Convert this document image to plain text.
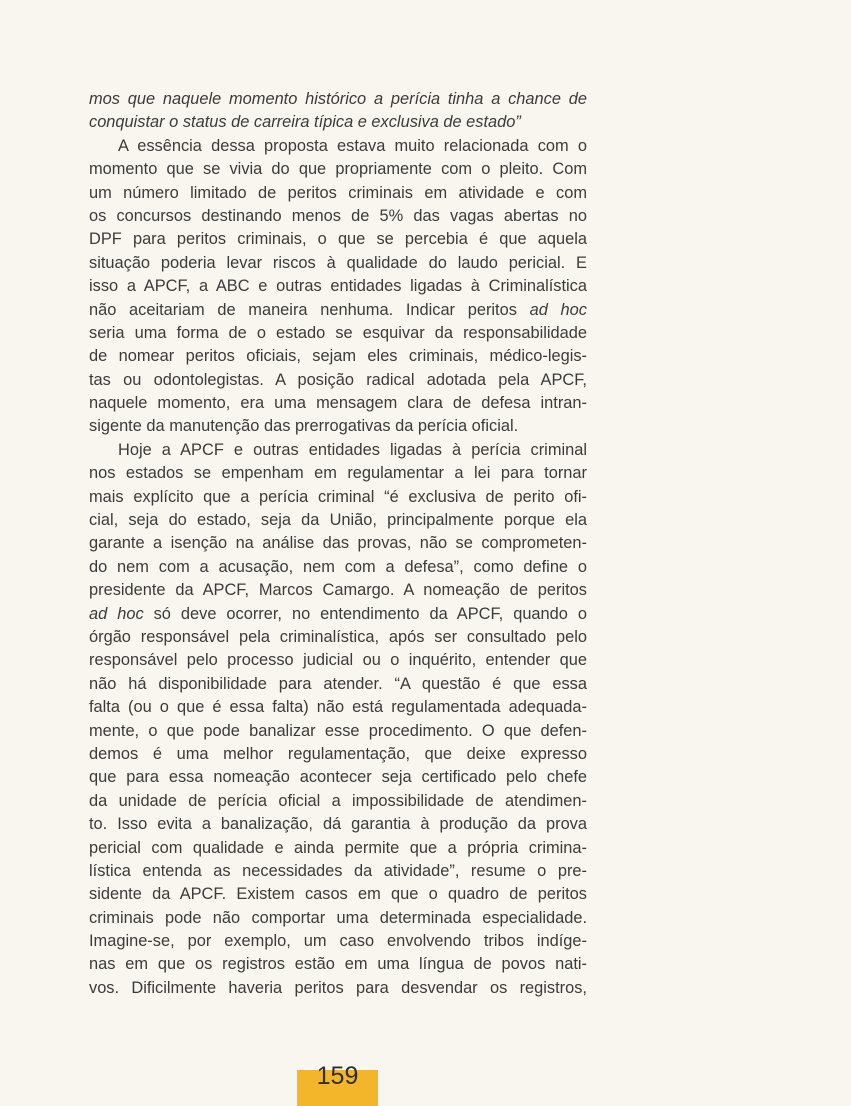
mos que naquele momento histórico a perícia tinha a chance de
conquistar o status de carreira típica e exclusiva de estado”
A essência dessa proposta estava muito relacionada com o
momento que se vivia do que propriamente com o pleito. Com
um número limitado de peritos criminais em atividade e com
os concursos destinando menos de 5% das vagas abertas no
DPF para peritos criminais, o que se percebia é que aquela
situação poderia levar riscos à qualidade do laudo pericial. E
isso a APCF, a ABC e outras entidades ligadas à Criminalística
não aceitariam de maneira nenhuma. Indicar peritos ad hoc
seria uma forma de o estado se esquivar da responsabilidade
de nomear peritos oficiais, sejam eles criminais, médico-legis-
tas ou odontolegistas. A posição radical adotada pela APCF,
naquele momento, era uma mensagem clara de defesa intran-
sigente da manutenção das prerrogativas da perícia oficial.
Hoje a APCF e outras entidades ligadas à perícia criminal
nos estados se empenham em regulamentar a lei para tornar
mais explícito que a perícia criminal “é exclusiva de perito ofi-
cial, seja do estado, seja da União, principalmente porque ela
garante a isenção na análise das provas, não se comprometen-
do nem com a acusação, nem com a defesa”, como define o
presidente da APCF, Marcos Camargo. A nomeação de peritos
ad hoc só deve ocorrer, no entendimento da APCF, quando o
órgão responsável pela criminalística, após ser consultado pelo
responsável pelo processo judicial ou o inquérito, entender que
não há disponibilidade para atender. “A questão é que essa
falta (ou o que é essa falta) não está regulamentada adequada-
mente, o que pode banalizar esse procedimento. O que defen-
demos é uma melhor regulamentação, que deixe expresso
que para essa nomeação acontecer seja certificado pelo chefe
da unidade de perícia oficial a impossibilidade de atendimen-
to. Isso evita a banalização, dá garantia à produção da prova
pericial com qualidade e ainda permite que a própria crimina-
lística entenda as necessidades da atividade”, resume o pre-
sidente da APCF. Existem casos em que o quadro de peritos
criminais pode não comportar uma determinada especialidade.
Imagine-se, por exemplo, um caso envolvendo tribos indíge-
nas em que os registros estão em uma língua de povos nati-
vos. Dificilmente haveria peritos para desvendar os registros,
159
